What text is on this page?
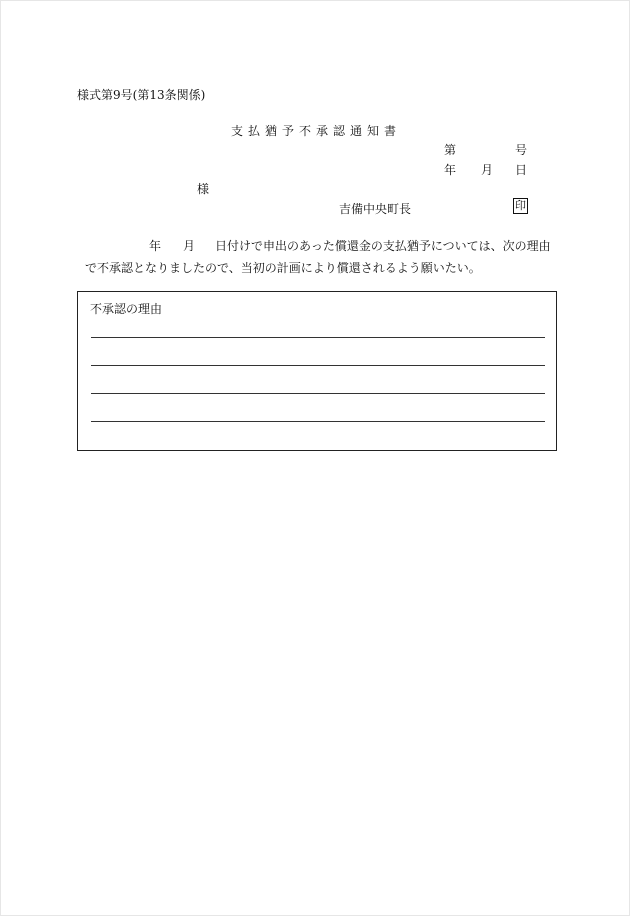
様式第9号(第13条関係)
支払猶予不承認通知書
第	号
年 月 日
様
吉備中央町長	印
年 月 日付けで申出のあった償還金の支払猶予については、次の理由
で不承認となりましたので、当初の計画により償還されるよう願いたい。
不承認の理由
